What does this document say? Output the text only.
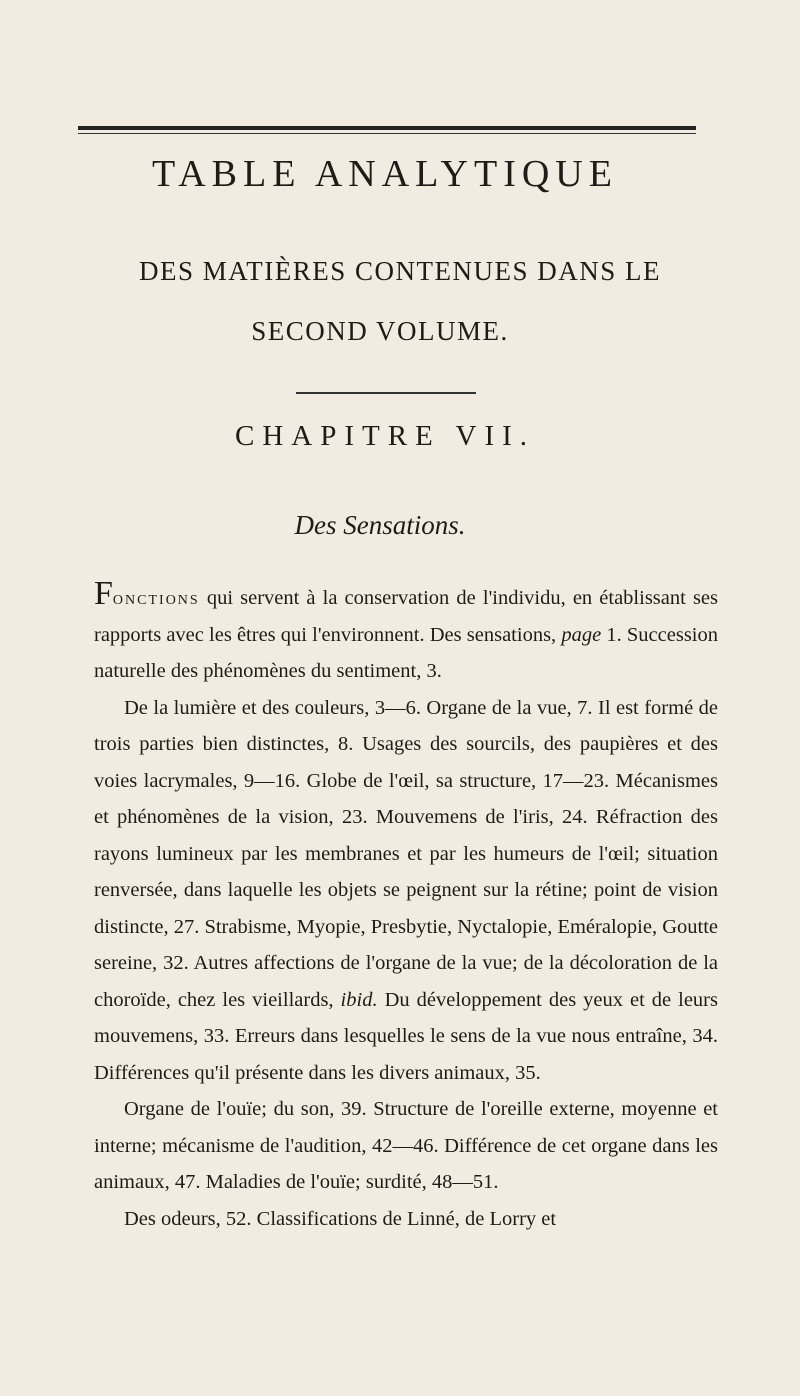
TABLE ANALYTIQUE
DES MATIÈRES CONTENUES DANS LE
SECOND VOLUME.
CHAPITRE VII.
Des Sensations.

Fonctions qui servent à la conservation de l'individu, en établissant ses rapports avec les êtres qui l'environnent. Des sensations, page 1. Succession naturelle des phénomènes du sentiment, 3.

De la lumière et des couleurs, 3—6. Organe de la vue, 7. Il est formé de trois parties bien distinctes, 8. Usages des sourcils, des paupières et des voies lacrymales, 9—16. Globe de l'œil, sa structure, 17—23. Mécanismes et phénomènes de la vision, 23. Mouvemens de l'iris, 24. Réfraction des rayons lumineux par les membranes et par les humeurs de l'œil; situation renversée, dans laquelle les objets se peignent sur la rétine; point de vision distincte, 27. Strabisme, Myopie, Presbytie, Nyctalopie, Eméralopie, Goutte sereine, 32. Autres affections de l'organe de la vue; de la décoloration de la choroïde, chez les vieillards, ibid. Du développement des yeux et de leurs mouvemens, 33. Erreurs dans lesquelles le sens de la vue nous entraîne, 34. Différences qu'il présente dans les divers animaux, 35.

Organe de l'ouïe; du son, 39. Structure de l'oreille externe, moyenne et interne; mécanisme de l'audition, 42—46. Différence de cet organe dans les animaux, 47. Maladies de l'ouïe; surdité, 48—51.

Des odeurs, 52. Classifications de Linné, de Lorry et
